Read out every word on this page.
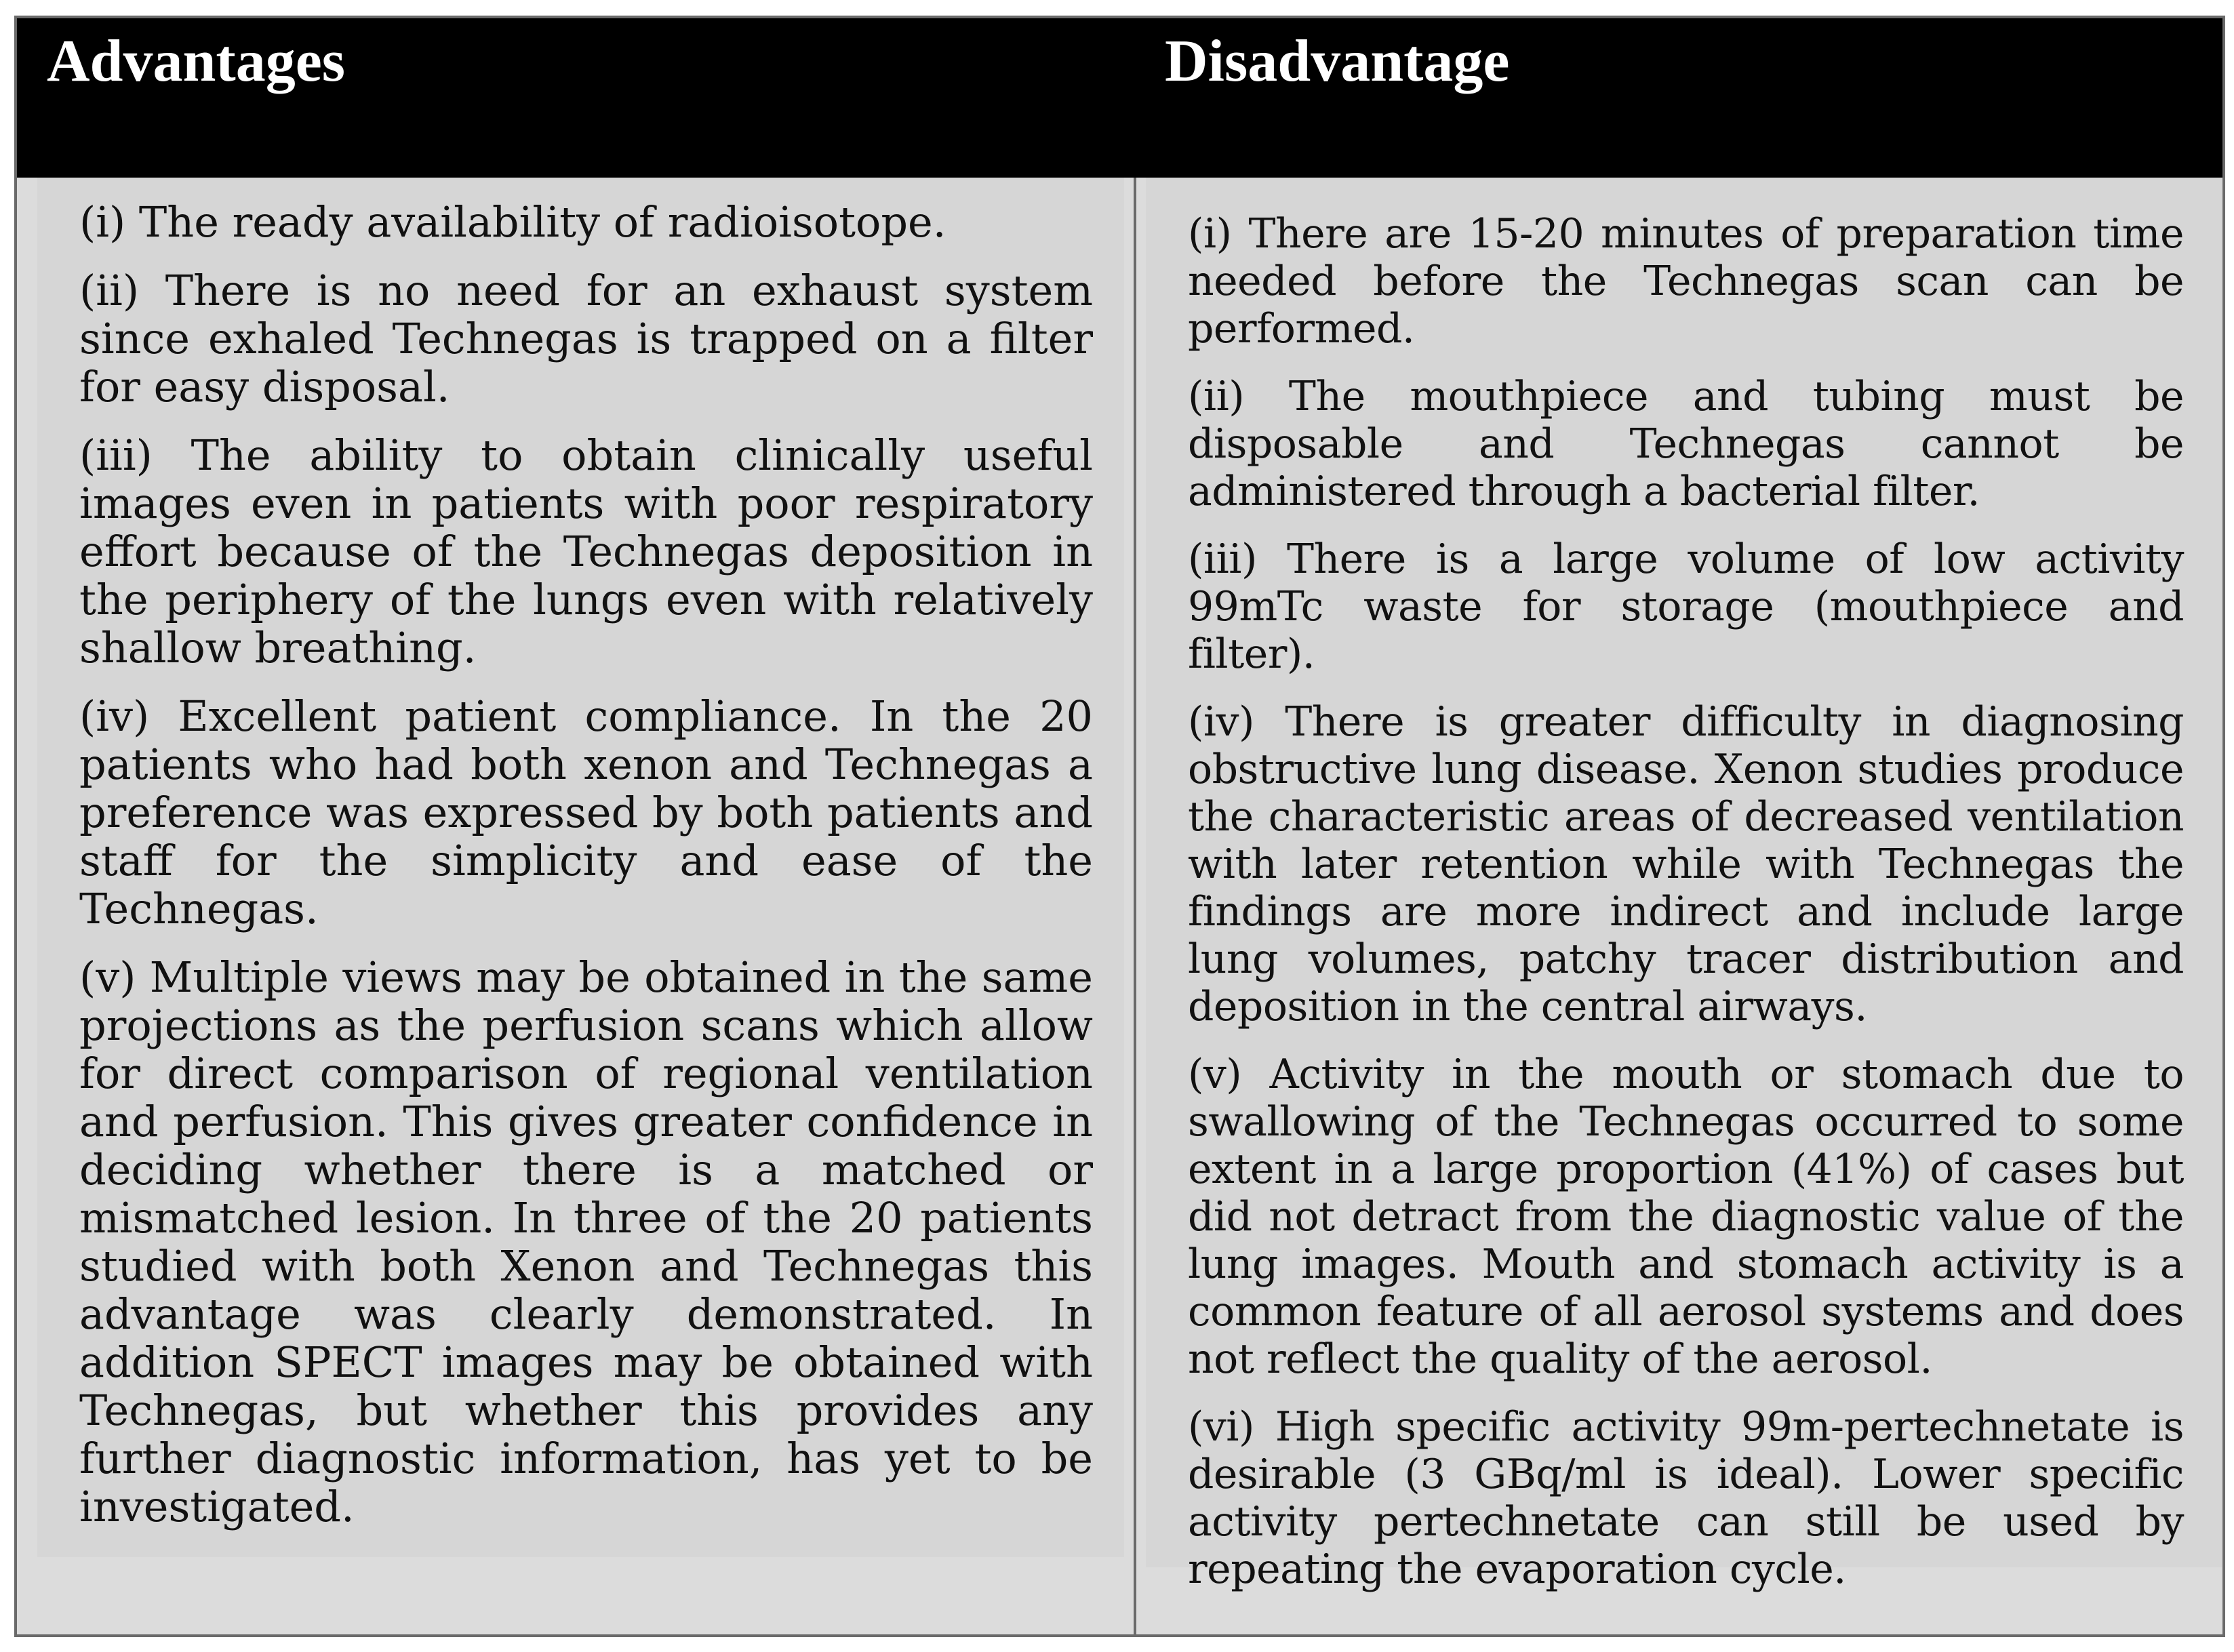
Advantages	Disadvantage

(i) The ready availability of radioisotope.

(ii) There is no need for an exhaust system since exhaled Technegas is trapped on a filter for easy disposal.

(iii) The ability to obtain clinically useful images even in patients with poor respiratory effort because of the Technegas deposition in the periphery of the lungs even with relatively shallow breathing.

(iv) Excellent patient compliance. In the 20 patients who had both xenon and Technegas a preference was expressed by both patients and staff for the simplicity and ease of the Technegas.

(v) Multiple views may be obtained in the same projections as the perfusion scans which allow for direct comparison of regional ventilation and perfusion. This gives greater confidence in deciding whether there is a matched or mismatched lesion. In three of the 20 patients studied with both Xenon and Technegas this advantage was clearly demonstrated. In addition SPECT images may be obtained with Technegas, but whether this provides any further diagnostic information, has yet to be investigated.

(i) There are 15-20 minutes of preparation time needed before the Technegas scan can be performed.

(ii) The mouthpiece and tubing must be disposable and Technegas cannot be administered through a bacterial filter.

(iii) There is a large volume of low activity 99mTc waste for storage (mouthpiece and filter).

(iv) There is greater difficulty in diagnosing obstructive lung disease. Xenon studies produce the characteristic areas of decreased ventilation with later retention while with Technegas the findings are more indirect and include large lung volumes, patchy tracer distribution and deposition in the central airways.

(v) Activity in the mouth or stomach due to swallowing of the Technegas occurred to some extent in a large proportion (41%) of cases but did not detract from the diagnostic value of the lung images. Mouth and stomach activity is a common feature of all aerosol systems and does not reflect the quality of the aerosol.

(vi) High specific activity 99m-pertechnetate is desirable (3 GBq/ml is ideal). Lower specific activity pertechnetate can still be used by repeating the evaporation cycle.
